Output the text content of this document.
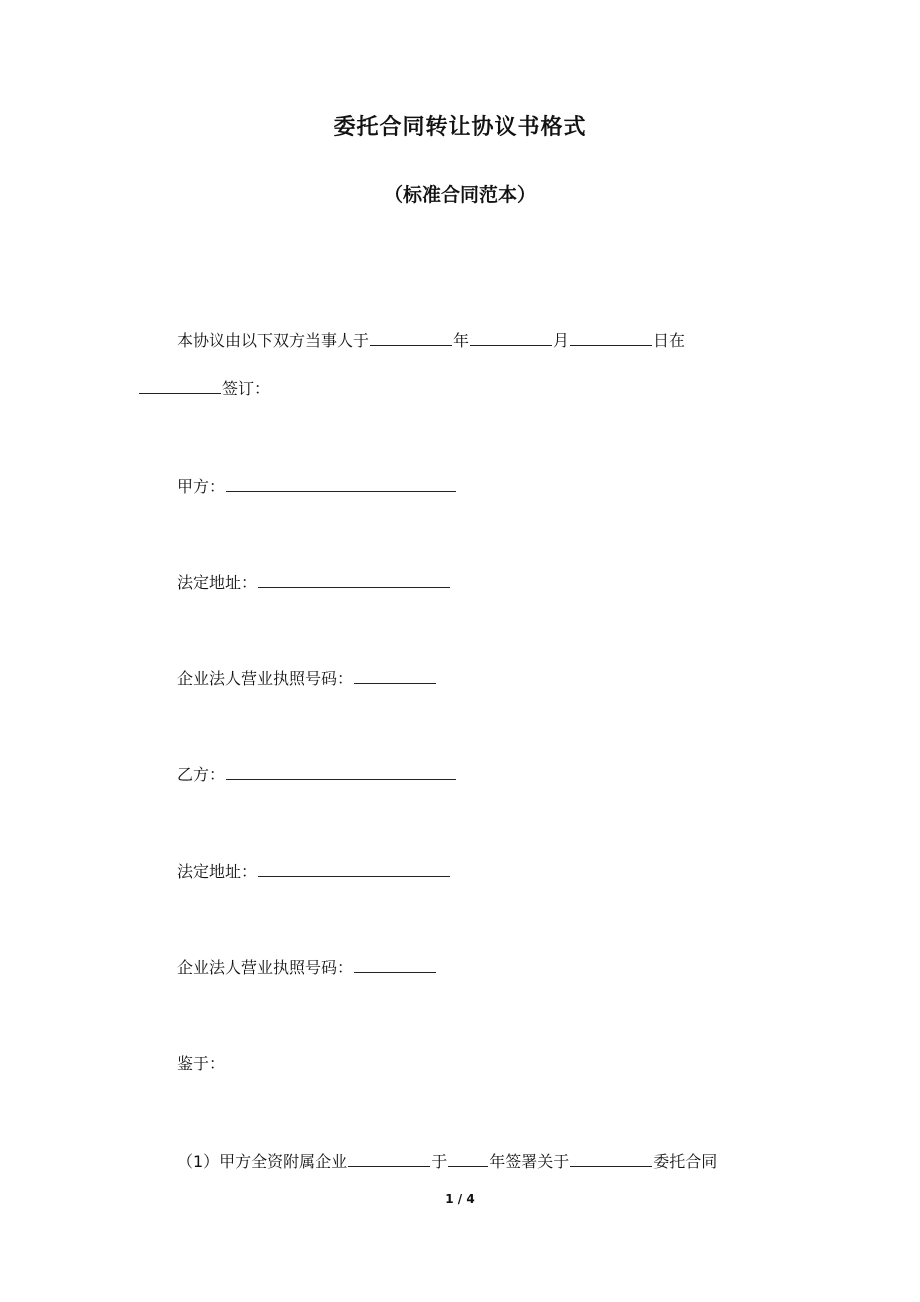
委托合同转让协议书格式
（标准合同范本）
本协议由以下双方当事人于	年	月	日在
签订：
甲方：
法定地址：
企业法人营业执照号码：
乙方：
法定地址：
企业法人营业执照号码：
鉴于：
（1）甲方全资附属企业	于	年签署关于	委托合同
1 / 4
